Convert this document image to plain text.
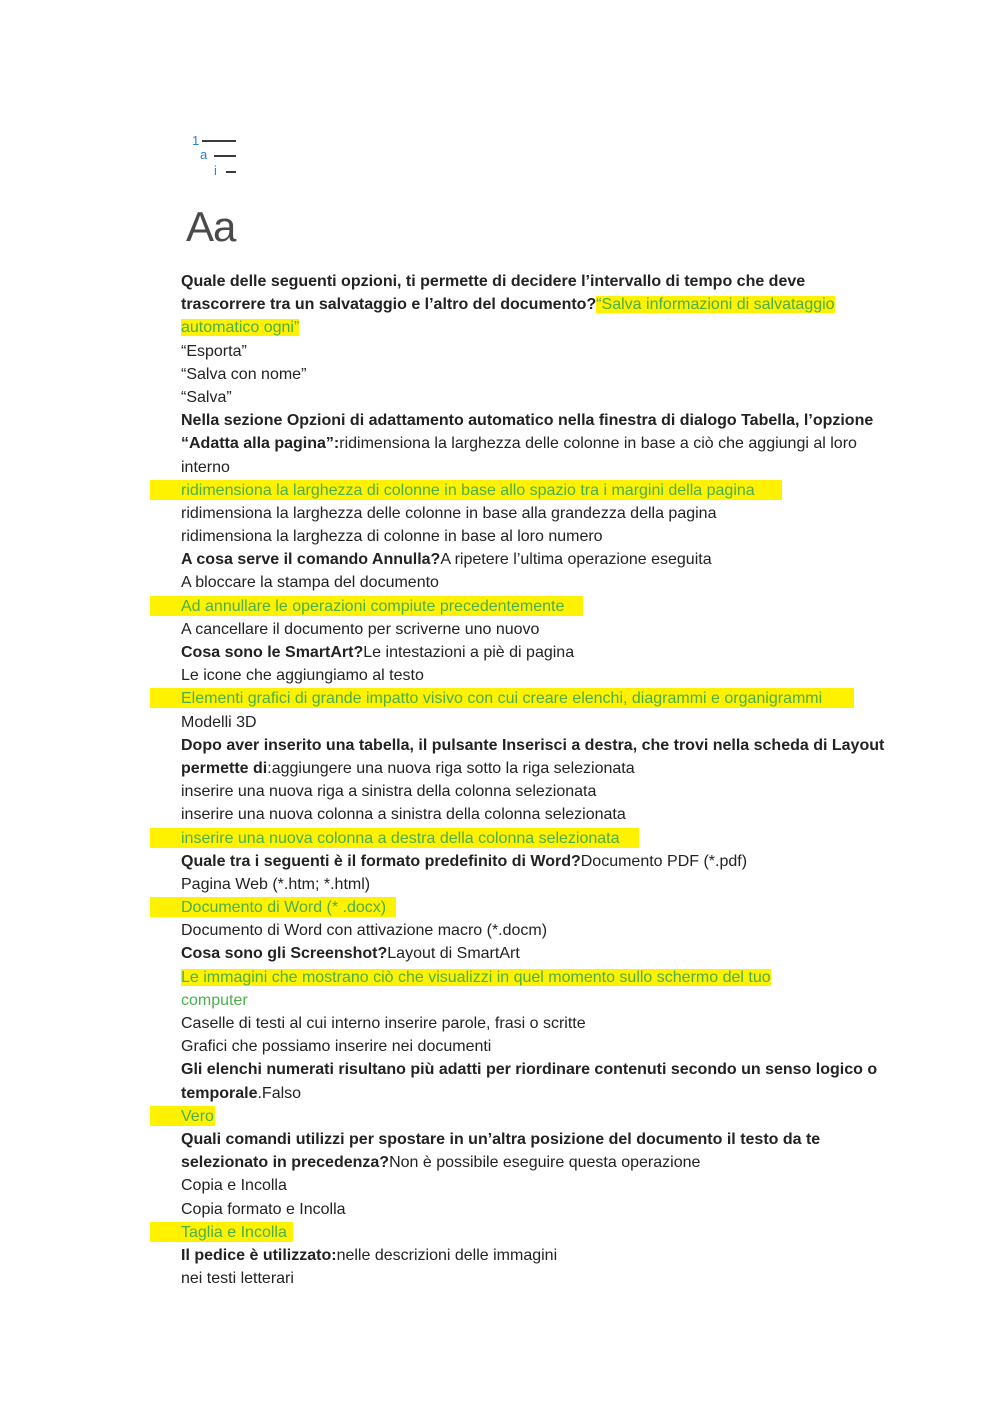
1
a
i
Aa
Quale delle seguenti opzioni, ti permette di decidere l’intervallo di tempo che deve
trascorrere tra un salvataggio e l’altro del documento?“Salva informazioni di salvataggio
automatico ogni”
“Esporta”
“Salva con nome”
“Salva”
Nella sezione Opzioni di adattamento automatico nella finestra di dialogo Tabella, l’opzione
“Adatta alla pagina”:ridimensiona la larghezza delle colonne in base a ciò che aggiungi al loro
interno
ridimensiona la larghezza di colonne in base allo spazio tra i margini della pagina
ridimensiona la larghezza delle colonne in base alla grandezza della pagina
ridimensiona la larghezza di colonne in base al loro numero
A cosa serve il comando Annulla?A ripetere l’ultima operazione eseguita
A bloccare la stampa del documento
Ad annullare le operazioni compiute precedentemente
A cancellare il documento per scriverne uno nuovo
Cosa sono le SmartArt?Le intestazioni a piè di pagina
Le icone che aggiungiamo al testo
Elementi grafici di grande impatto visivo con cui creare elenchi, diagrammi e organigrammi
Modelli 3D
Dopo aver inserito una tabella, il pulsante Inserisci a destra, che trovi nella scheda di Layout
permette di:aggiungere una nuova riga sotto la riga selezionata
inserire una nuova riga a sinistra della colonna selezionata
inserire una nuova colonna a sinistra della colonna selezionata
inserire una nuova colonna a destra della colonna selezionata
Quale tra i seguenti è il formato predefinito di Word?Documento PDF (*.pdf)
Pagina Web (*.htm; *.html)
Documento di Word (* .docx)
Documento di Word con attivazione macro (*.docm)
Cosa sono gli Screenshot?Layout di SmartArt
Le immagini che mostrano ciò che visualizzi in quel momento sullo schermo del tuo
computer
Caselle di testi al cui interno inserire parole, frasi o scritte
Grafici che possiamo inserire nei documenti
Gli elenchi numerati risultano più adatti per riordinare contenuti secondo un senso logico o
temporale.Falso
Vero
Quali comandi utilizzi per spostare in un’altra posizione del documento il testo da te
selezionato in precedenza?Non è possibile eseguire questa operazione
Copia e Incolla
Copia formato e Incolla
Taglia e Incolla
Il pedice è utilizzato:nelle descrizioni delle immagini
nei testi letterari
